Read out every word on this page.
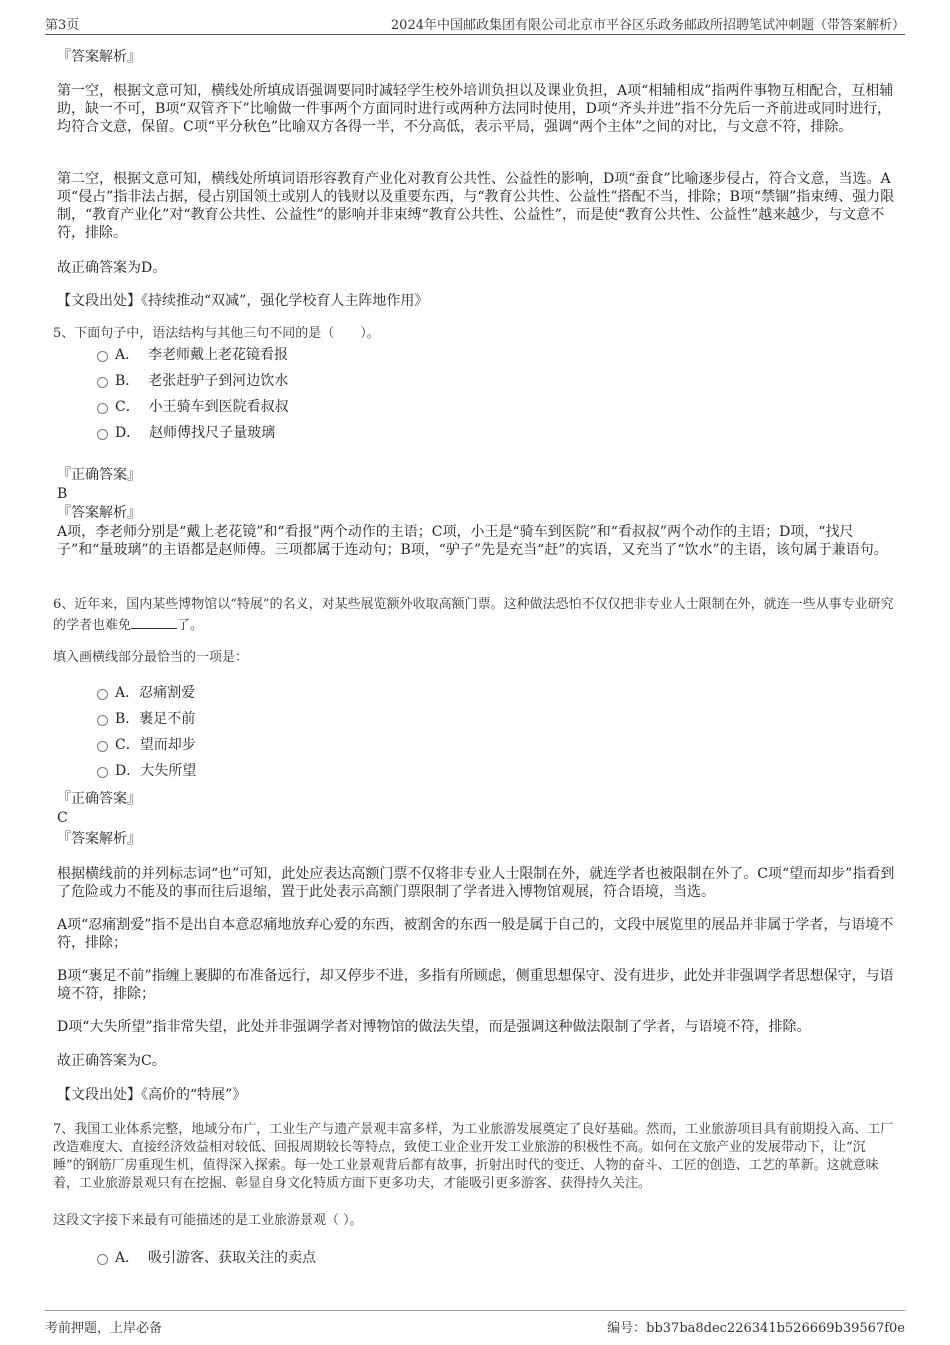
第3页	2024年中国邮政集团有限公司北京市平谷区乐政务邮政所招聘笔试冲刺题（带答案解析）

『答案解析』

第一空，根据文意可知，横线处所填成语强调要同时减轻学生校外培训负担以及课业负担，A项“相辅相成”指两件事物互相配合，互相辅助，缺一不可，B项“双管齐下”比喻做一件事两个方面同时进行或两种方法同时使用，D项“齐头并进”指不分先后一齐前进或同时进行，均符合文意，保留。C项“平分秋色”比喻双方各得一半，不分高低，表示平局，强调“两个主体”之间的对比，与文意不符，排除。

第二空，根据文意可知，横线处所填词语形容教育产业化对教育公共性、公益性的影响，D项“蚕食”比喻逐步侵占，符合文意，当选。A项“侵占”指非法占据，侵占别国领土或别人的钱财以及重要东西，与“教育公共性、公益性”搭配不当，排除；B项“禁锢”指束缚、强力限制，“教育产业化”对“教育公共性、公益性”的影响并非束缚“教育公共性、公益性”，而是使“教育公共性、公益性”越来越少，与文意不符，排除。

故正确答案为D。

【文段出处】《持续推动“双减”，强化学校育人主阵地作用》

5、下面句子中，语法结构与其他三句不同的是（　　）。

A． 李老师戴上老花镜看报
B． 老张赶驴子到河边饮水
C． 小王骑车到医院看叔叔
D． 赵师傅找尺子量玻璃

『正确答案』

B

『答案解析』

A项，李老师分别是“戴上老花镜”和“看报”两个动作的主语；C项，小王是“骑车到医院”和“看叔叔”两个动作的主语；D项，“找尺子”和“量玻璃”的主语都是赵师傅。三项都属于连动句；B项，“驴子”先是充当“赶”的宾语，又充当了“饮水”的主语，该句属于兼语句。

6、近年来，国内某些博物馆以“特展”的名义，对某些展览额外收取高额门票。这种做法恐怕不仅仅把非专业人士限制在外，就连一些从事专业研究的学者也难免	了。

填入画横线部分最恰当的一项是：

A．忍痛割爱
B．裹足不前
C．望而却步
D．大失所望

『正确答案』

C

『答案解析』

根据横线前的并列标志词“也”可知，此处应表达高额门票不仅将非专业人士限制在外，就连学者也被限制在外了。C项“望而却步”指看到了危险或力不能及的事而往后退缩，置于此处表示高额门票限制了学者进入博物馆观展，符合语境，当选。

A项“忍痛割爱”指不是出自本意忍痛地放弃心爱的东西，被割舍的东西一般是属于自己的，文段中展览里的展品并非属于学者，与语境不符，排除；

B项“裹足不前”指缠上裹脚的布准备远行，却又停步不进，多指有所顾虑，侧重思想保守、没有进步，此处并非强调学者思想保守，与语境不符，排除；

D项“大失所望”指非常失望，此处并非强调学者对博物馆的做法失望，而是强调这种做法限制了学者，与语境不符，排除。

故正确答案为C。

【文段出处】《高价的“特展”》

7、我国工业体系完整，地域分布广，工业生产与遗产景观丰富多样，为工业旅游发展奠定了良好基础。然而，工业旅游项目具有前期投入高、工厂改造难度大、直接经济效益相对较低、回报周期较长等特点，致使工业企业开发工业旅游的积极性不高。如何在文旅产业的发展带动下，让“沉睡”的钢筋厂房重现生机，值得深入探索。每一处工业景观背后都有故事，折射出时代的变迁、人物的奋斗、工匠的创造、工艺的革新。这就意味着，工业旅游景观只有在挖掘、彰显自身文化特质方面下更多功夫，才能吸引更多游客、获得持久关注。

这段文字接下来最有可能描述的是工业旅游景观（ ）。

A． 吸引游客、获取关注的卖点
考前押题，上岸必备	编号：bb37ba8dec226341b526669b39567f0e
